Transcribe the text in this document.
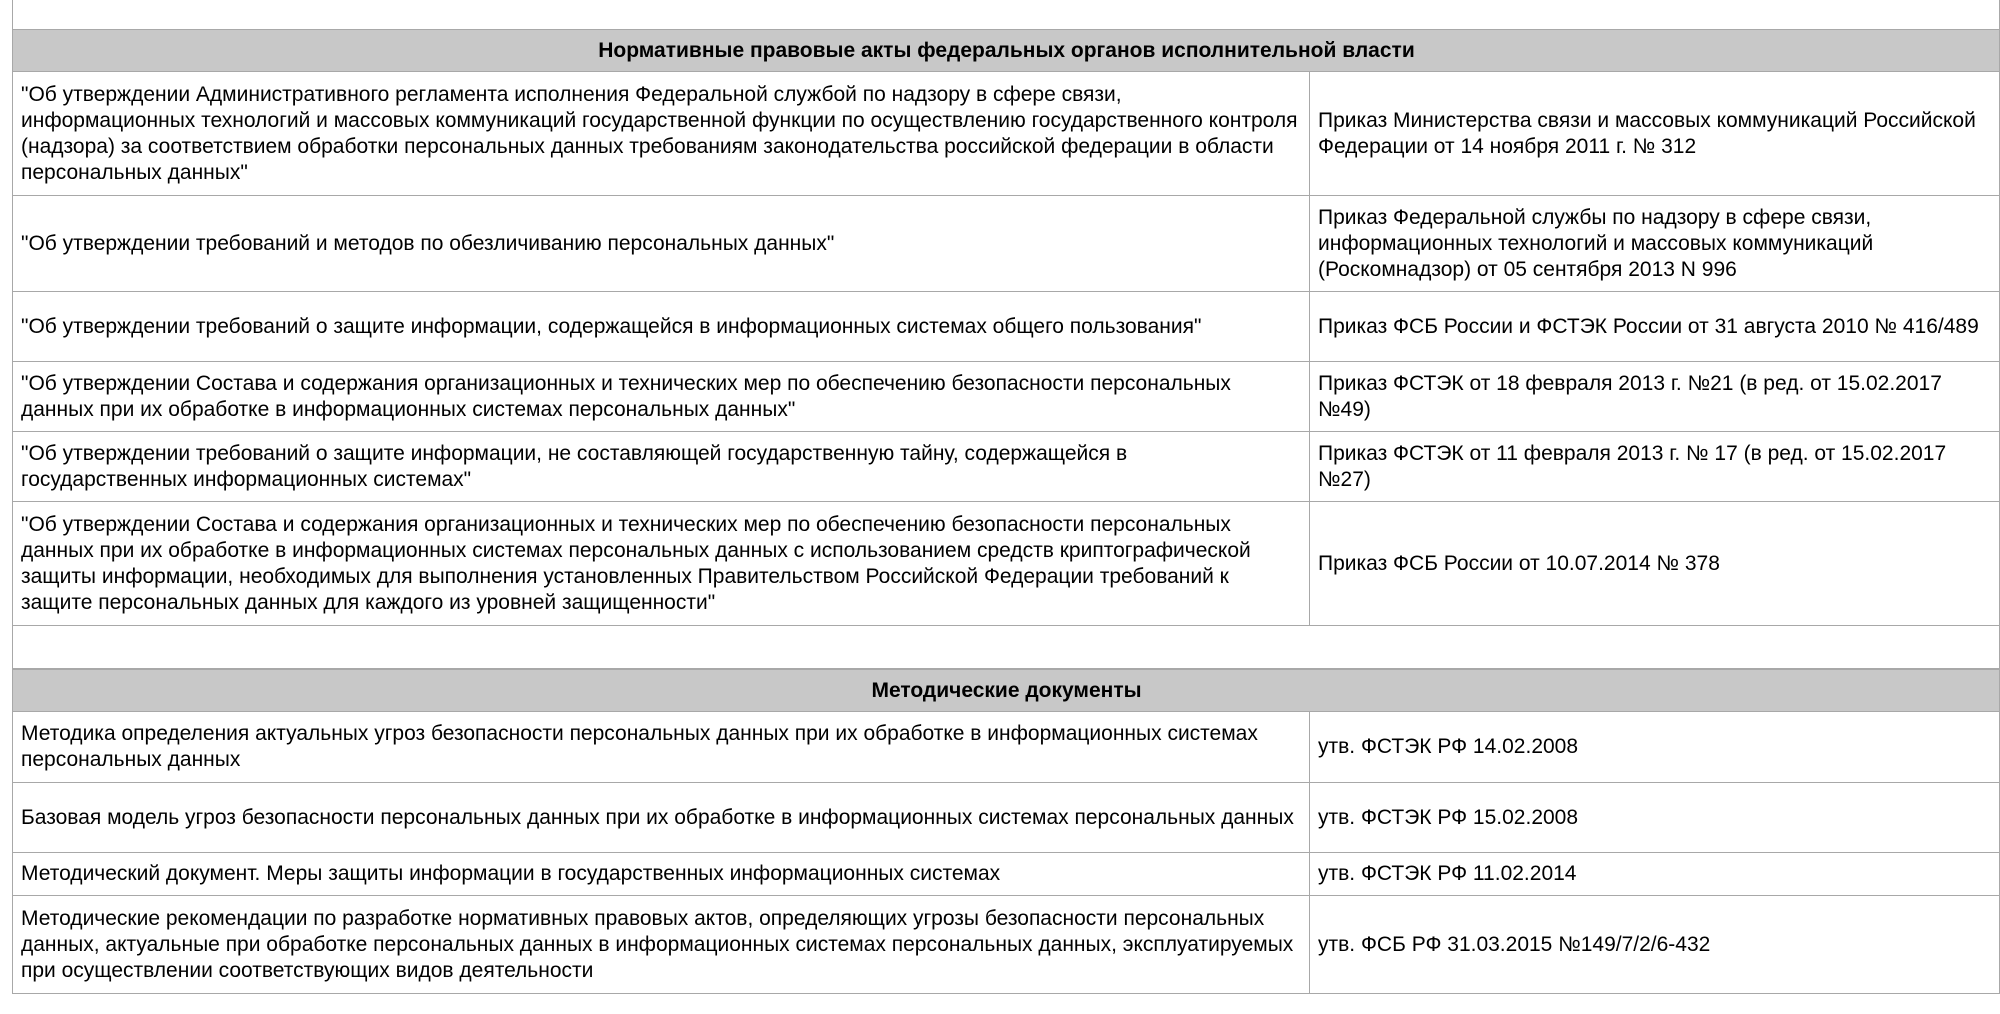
Нормативные правовые акты федеральных органов исполнительной власти
"Об утверждении Административного регламента исполнения Федеральной службой по надзору в сфере связи, информационных технологий и массовых коммуникаций государственной функции по осуществлению государственного контроля (надзора) за соответствием обработки персональных данных требованиям законодательства российской федерации в области персональных данных"
Приказ Министерства связи и массовых коммуникаций Российской Федерации от 14 ноября 2011 г. № 312
"Об утверждении требований и методов по обезличиванию персональных данных"
Приказ Федеральной службы по надзору в сфере связи, информационных технологий и массовых коммуникаций (Роскомнадзор) от 05 сентября 2013 N 996
"Об утверждении требований о защите информации, содержащейся в информационных системах общего пользования"	Приказ ФСБ России и ФСТЭК России от 31 августа 2010 № 416/489
"Об утверждении Состава и содержания организационных и технических мер по обеспечению безопасности персональных данных при их обработке в информационных системах персональных данных"
Приказ ФСТЭК от 18 февраля 2013 г. №21 (в ред. от 15.02.2017 №49)
"Об утверждении требований о защите информации, не составляющей государственную тайну, содержащейся в государственных информационных системах"
Приказ ФСТЭК от 11 февраля 2013 г. № 17 (в ред. от 15.02.2017 №27)
"Об утверждении Состава и содержания организационных и технических мер по обеспечению безопасности персональных данных при их обработке в информационных системах персональных данных с использованием средств криптографической защиты информации, необходимых для выполнения установленных Правительством Российской Федерации требований к защите персональных данных для каждого из уровней защищенности"
Приказ ФСБ России от 10.07.2014 № 378
Методические документы
Методика определения актуальных угроз безопасности персональных данных при их обработке в информационных системах персональных данных
утв. ФСТЭК РФ 14.02.2008
Базовая модель угроз безопасности персональных данных при их обработке в информационных системах персональных данных утв. ФСТЭК РФ 15.02.2008
Методический документ. Меры защиты информации в государственных информационных системах	утв. ФСТЭК РФ 11.02.2014
Методические рекомендации по разработке нормативных правовых актов, определяющих угрозы безопасности персональных данных, актуальные при обработке персональных данных в информационных системах персональных данных, эксплуатируемых при осуществлении соответствующих видов деятельности
утв. ФСБ РФ 31.03.2015 №149/7/2/6-432
